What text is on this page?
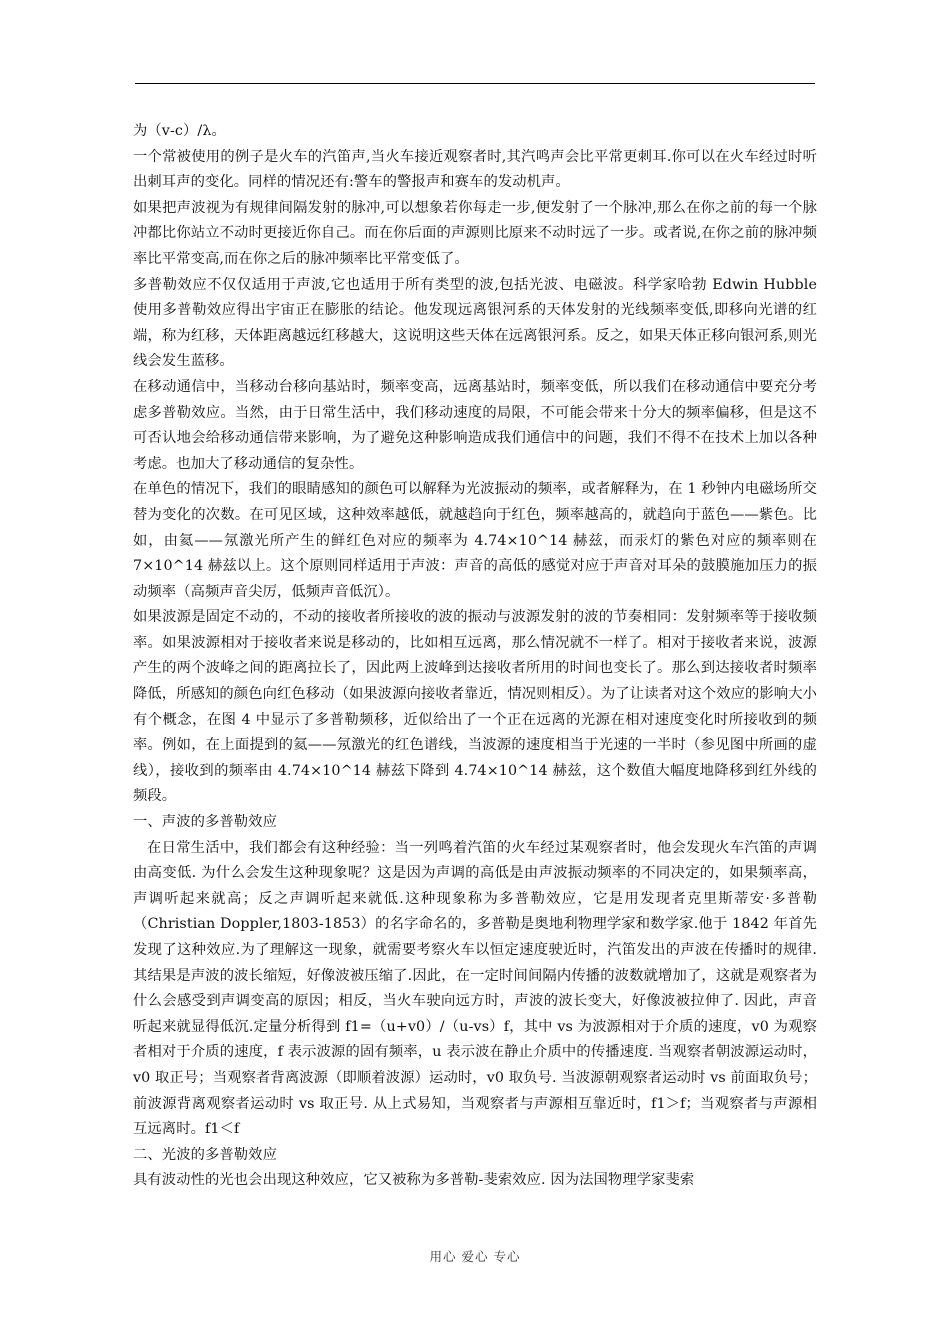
为（v-c）/λ。

一个常被使用的例子是火车的汽笛声,当火车接近观察者时,其汽鸣声会比平常更刺耳.你可以在火车经过时听出刺耳声的变化。同样的情况还有:警车的警报声和赛车的发动机声。

如果把声波视为有规律间隔发射的脉冲,可以想象若你每走一步,便发射了一个脉冲,那么在你之前的每一个脉冲都比你站立不动时更接近你自己。而在你后面的声源则比原来不动时远了一步。或者说,在你之前的脉冲频率比平常变高,而在你之后的脉冲频率比平常变低了。

多普勒效应不仅仅适用于声波,它也适用于所有类型的波,包括光波、电磁波。科学家哈勃 Edwin Hubble 使用多普勒效应得出宇宙正在膨胀的结论。他发现远离银河系的天体发射的光线频率变低,即移向光谱的红端，称为红移，天体距离越远红移越大，这说明这些天体在远离银河系。反之，如果天体正移向银河系,则光线会发生蓝移。

在移动通信中，当移动台移向基站时，频率变高，远离基站时，频率变低，所以我们在移动通信中要充分考虑多普勒效应。当然，由于日常生活中，我们移动速度的局限，不可能会带来十分大的频率偏移，但是这不可否认地会给移动通信带来影响，为了避免这种影响造成我们通信中的问题，我们不得不在技术上加以各种考虑。也加大了移动通信的复杂性。

在单色的情况下，我们的眼睛感知的颜色可以解释为光波振动的频率，或者解释为，在 1 秒钟内电磁场所交替为变化的次数。在可见区域，这种效率越低，就越趋向于红色，频率越高的，就趋向于蓝色——紫色。比如，由氦——氖激光所产生的鲜红色对应的频率为 4.74×10^14 赫兹，而汞灯的紫色对应的频率则在 7×10^14 赫兹以上。这个原则同样适用于声波：声音的高低的感觉对应于声音对耳朵的鼓膜施加压力的振动频率（高频声音尖厉，低频声音低沉）。

如果波源是固定不动的，不动的接收者所接收的波的振动与波源发射的波的节奏相同：发射频率等于接收频率。如果波源相对于接收者来说是移动的，比如相互远离，那么情况就不一样了。相对于接收者来说，波源产生的两个波峰之间的距离拉长了，因此两上波峰到达接收者所用的时间也变长了。那么到达接收者时频率降低，所感知的颜色向红色移动（如果波源向接收者靠近，情况则相反）。为了让读者对这个效应的影响大小有个概念，在图 4 中显示了多普勒频移，近似给出了一个正在远离的光源在相对速度变化时所接收到的频率。例如，在上面提到的氦——氖激光的红色谱线，当波源的速度相当于光速的一半时（参见图中所画的虚线），接收到的频率由 4.74×10^14 赫兹下降到 4.74×10^14 赫兹，这个数值大幅度地降移到红外线的频段。

一、声波的多普勒效应

在日常生活中，我们都会有这种经验：当一列鸣着汽笛的火车经过某观察者时，他会发现火车汽笛的声调由高变低. 为什么会发生这种现象呢？这是因为声调的高低是由声波振动频率的不同决定的，如果频率高，声调听起来就高；反之声调听起来就低.这种现象称为多普勒效应，它是用发现者克里斯蒂安·多普勒（Christian Doppler,1803-1853）的名字命名的，多普勒是奥地利物理学家和数学家.他于 1842 年首先发现了这种效应.为了理解这一现象，就需要考察火车以恒定速度驶近时，汽笛发出的声波在传播时的规律.其结果是声波的波长缩短，好像波被压缩了.因此，在一定时间间隔内传播的波数就增加了，这就是观察者为什么会感受到声调变高的原因；相反，当火车驶向远方时，声波的波长变大，好像波被拉伸了. 因此，声音听起来就显得低沉.定量分析得到 f1=（u+v0）/（u-vs）f，其中 vs 为波源相对于介质的速度，v0 为观察者相对于介质的速度，f 表示波源的固有频率，u 表示波在静止介质中的传播速度. 当观察者朝波源运动时，v0 取正号；当观察者背离波源（即顺着波源）运动时，v0 取负号. 当波源朝观察者运动时 vs 前面取负号；前波源背离观察者运动时 vs 取正号. 从上式易知，当观察者与声源相互靠近时，f1＞f；当观察者与声源相互远离时。f1＜f

二、光波的多普勒效应

具有波动性的光也会出现这种效应，它又被称为多普勒-斐索效应. 因为法国物理学家斐索

用心 爱心 专心
